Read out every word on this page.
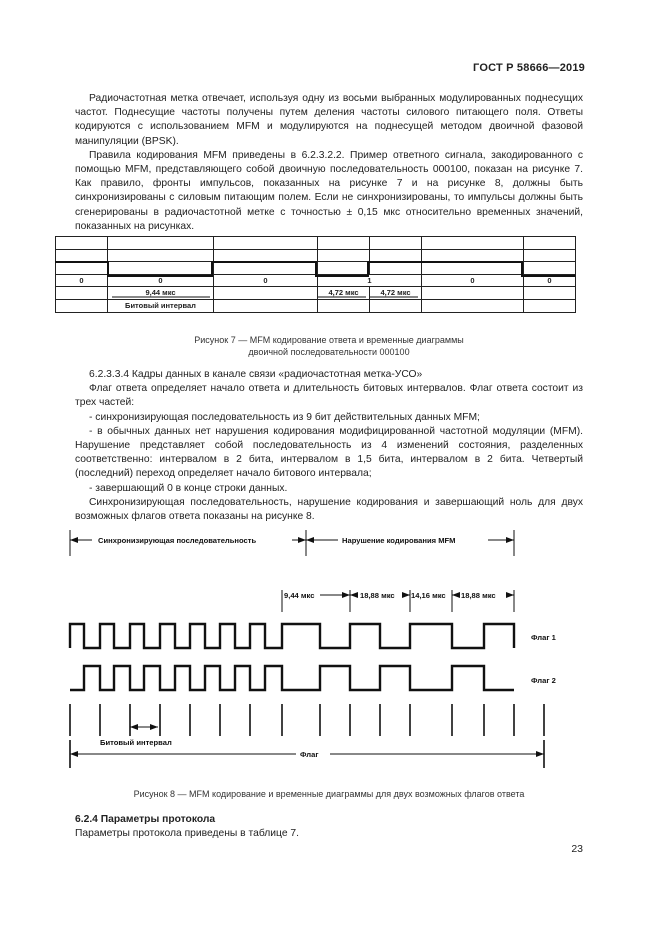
ГОСТ Р 58666—2019

Радиочастотная метка отвечает, используя одну из восьми выбранных модулированных поднесущих частот. Поднесущие частоты получены путем деления частоты силового питающего поля. Ответы кодируются с использованием MFM и модулируются на поднесущей методом двоичной фазовой манипуляции (BPSK).

Правила кодирования MFM приведены в 6.2.3.2.2. Пример ответного сигнала, закодированного с помощью MFM, представляющего собой двоичную последовательность 000100, показан на рисунке 7. Как правило, фронты импульсов, показанных на рисунке 7 и на рисунке 8, должны быть синхронизированы с силовым питающим полем. Если не синхронизированы, то импульсы должны быть сгенерированы в радиочастотной метке с точностью ± 0,15 мкс относительно временных значений, показанных на рисунках.

0	0	0	1		0	0
	9,44 мкс		4,72 мкс	4,72 мкс		
	Битовый интервал					
Рисунок 7 — MFM кодирование ответа и временные диаграммы
двоичной последовательности 000100

6.2.3.3.4 Кадры данных в канале связи «радиочастотная метка-УСО»

Флаг ответа определяет начало ответа и длительность битовых интервалов. Флаг ответа состоит из трех частей:

- синхронизирующая последовательность из 9 бит действительных данных MFM;

- в обычных данных нет нарушения кодирования модифицированной частотной модуляции (MFM). Нарушение представляет собой последовательность из 4 изменений состояния, разделенных соответственно: интервалом в 2 бита, интервалом в 1,5 бита, интервалом в 2 бита. Четвертый (последний) переход определяет начало битового интервала;

- завершающий 0 в конце строки данных.

Синхронизирующая последовательность, нарушение кодирования и завершающий ноль для двух возможных флагов ответа показаны на рисунке 8.

Синхронизирующая последовательность	Нарушение кодирования MFM
9,44 мкс	18,88 мкс 14,16 мкс 18,88 мкс
Флаг 1
Флаг 2
Битовый интервал
Флаг
Рисунок 8 — MFM кодирование и временные диаграммы для двух возможных флагов ответа
6.2.4 Параметры протокола
Параметры протокола приведены в таблице 7.
23
